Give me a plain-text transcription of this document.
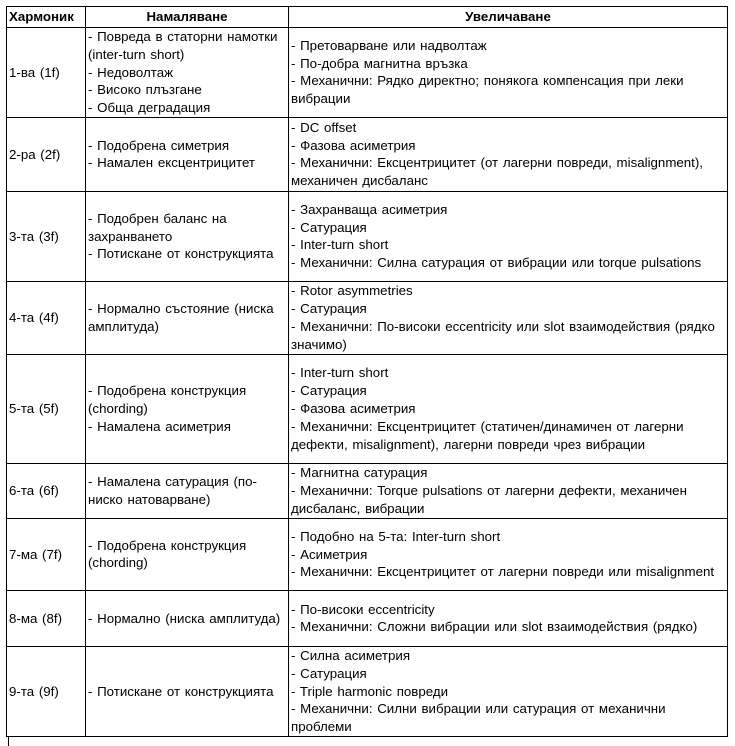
Хармоник	Намаляване	Увеличаване
1-ва (1f)	- Повреда в статорни намотки (inter-turn short)
- Недоволтаж
- Високо плъзгане
- Обща деградация	- Претоварване или надволтаж
- По-добра магнитна връзка
- Механични: Рядко директно; понякога компенсация при леки вибрации

2-ра (2f)	- Подобрена симетрия
- Намален ексцентрицитет	- DC offset
- Фазова асиметрия
- Механични: Ексцентрицитет (от лагерни повреди, misalignment), механичен дисбаланс

3-та (3f)	- Подобрен баланс на захранването
- Потискане от конструкцията	- Захранваща асиметрия
- Сатурация
- Inter-turn short
- Механични: Силна сатурация от вибрации или torque pulsations

4-та (4f)	- Нормално състояние (ниска амплитуда)	- Rotor asymmetries
- Сатурация
- Механични: По-високи eccentricity или slot взаимодействия (рядко значимо)

5-та (5f)	- Подобрена конструкция (chording)
- Намалена асиметрия	- Inter-turn short
- Сатурация
- Фазова асиметрия
- Механични: Ексцентрицитет (статичен/динамичен от лагерни дефекти, misalignment), лагерни повреди чрез вибрации

6-та (6f)	- Намалена сатурация (по-ниско натоварване)	- Магнитна сатурация
- Механични: Torque pulsations от лагерни дефекти, механичен дисбаланс, вибрации

7-ма (7f)	- Подобрена конструкция (chording)	- Подобно на 5-та: Inter-turn short
- Асиметрия
- Механични: Ексцентрицитет от лагерни повреди или misalignment

8-ма (8f)	- Нормално (ниска амплитуда)	- По-високи eccentricity
- Механични: Сложни вибрации или slot взаимодействия (рядко)

9-та (9f)	- Потискане от конструкцията	- Силна асиметрия
- Сатурация
- Triple harmonic повреди
- Механични: Силни вибрации или сатурация от механични проблеми
